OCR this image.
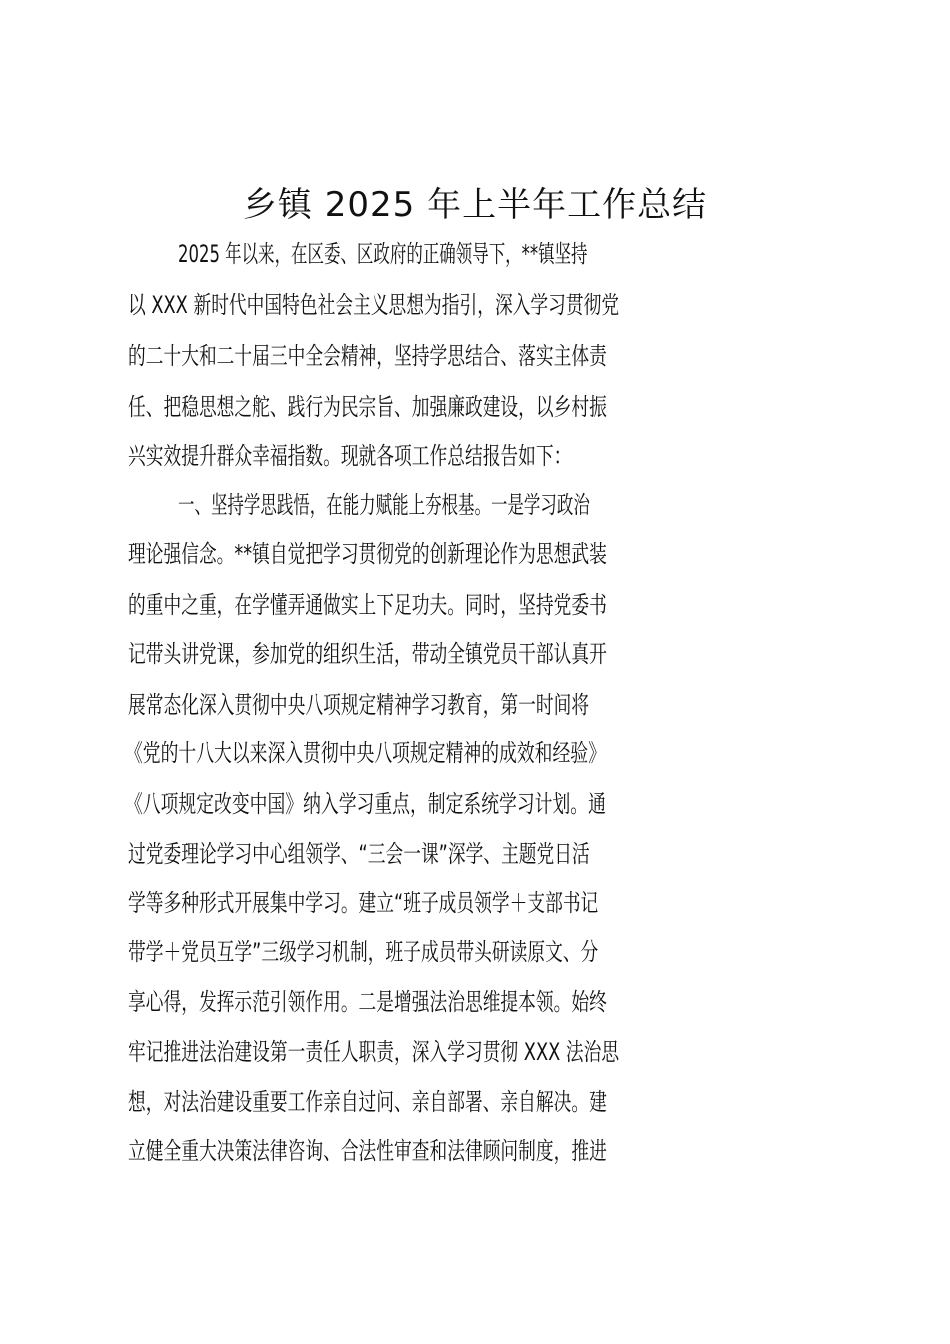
乡镇 2025 年上半年工作总结
2025 年以来，在区委、区政府的正确领导下，**镇坚持
以 XXX 新时代中国特色社会主义思想为指引，深入学习贯彻党
的二十大和二十届三中全会精神，坚持学思结合、落实主体责
任、把稳思想之舵、践行为民宗旨、加强廉政建设，以乡村振
兴实效提升群众幸福指数。现就各项工作总结报告如下：
一、坚持学思践悟，在能力赋能上夯根基。一是学习政治
理论强信念。**镇自觉把学习贯彻党的创新理论作为思想武装
的重中之重，在学懂弄通做实上下足功夫。同时，坚持党委书
记带头讲党课，参加党的组织生活，带动全镇党员干部认真开
展常态化深入贯彻中央八项规定精神学习教育，第一时间将
《党的十八大以来深入贯彻中央八项规定精神的成效和经验》
《八项规定改变中国》纳入学习重点，制定系统学习计划。通
过党委理论学习中心组领学、“三会一课”深学、主题党日活
学等多种形式开展集中学习。建立“班子成员领学＋支部书记
带学＋党员互学”三级学习机制，班子成员带头研读原文、分
享心得，发挥示范引领作用。二是增强法治思维提本领。始终
牢记推进法治建设第一责任人职责，深入学习贯彻 XXX 法治思
想，对法治建设重要工作亲自过问、亲自部署、亲自解决。建
立健全重大决策法律咨询、合法性审查和法律顾问制度，推进
